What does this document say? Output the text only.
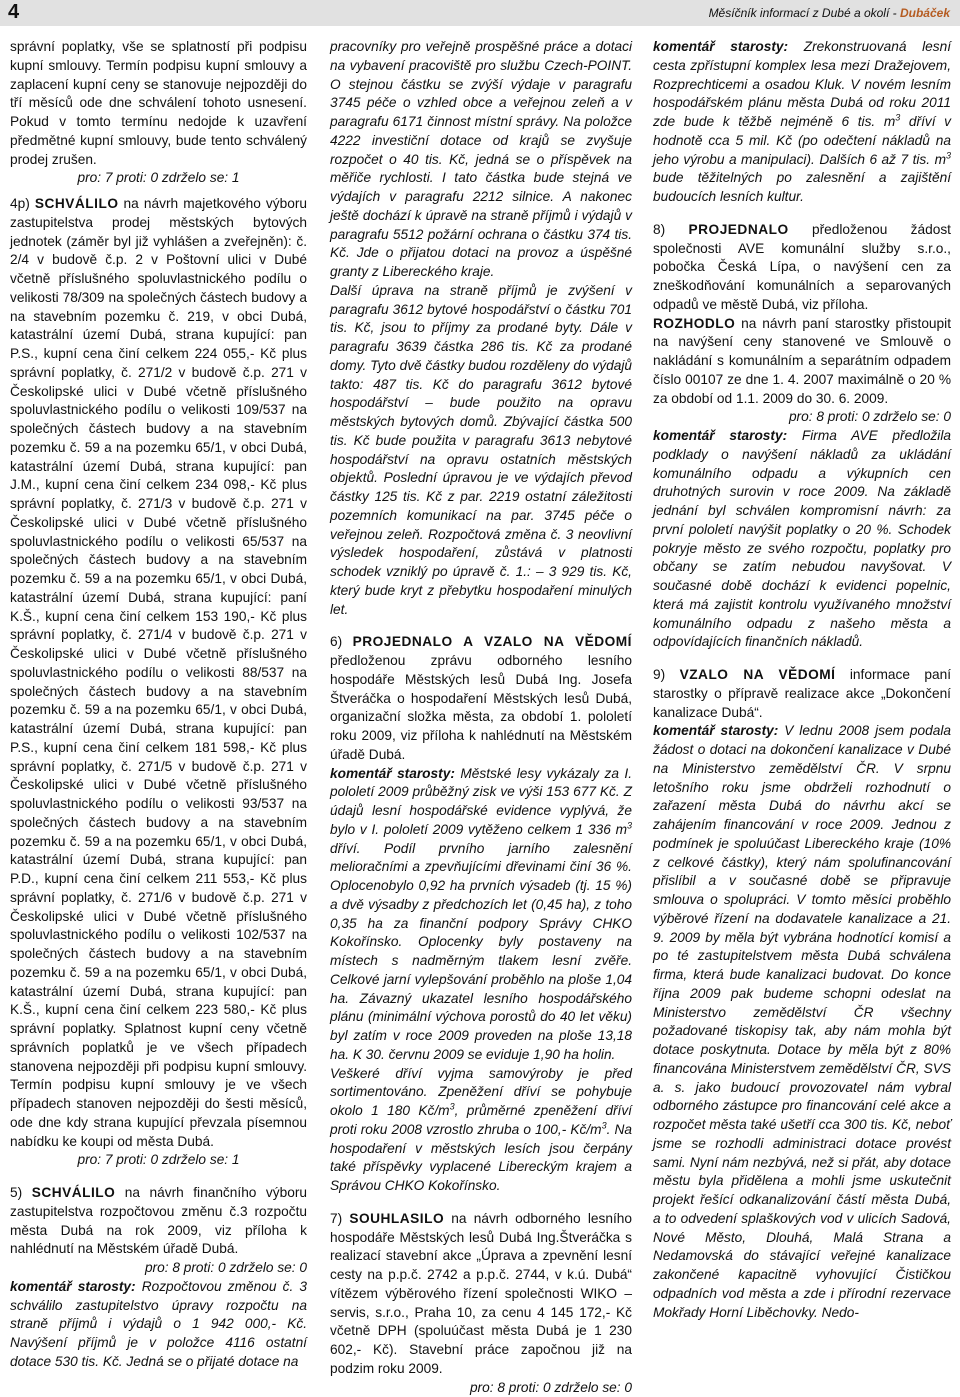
4	Měsíčník informací z Dubé a okolí - Dubáček

správní poplatky, vše se splatností při podpisu kupní smlouvy. Termín podpisu kupní smlouvy a zaplacení kupní ceny se stanovuje nejpozději do tří měsíců ode dne schválení tohoto usnesení. Pokud v tomto termínu nedojde k uzavření předmětné kupní smlouvy, bude tento schválený prodej zrušen.

pro: 7 proti: 0 zdrželo se: 1

4p) SCHVÁLILO na návrh majetkového výboru zastupitelstva prodej městských bytových jednotek (záměr byl již vyhlášen a zveřejněn): č. 2/4 v budově č.p. 2 v Poštovní ulici v Dubé včetně příslušného spoluvlastnického podílu o velikosti 78/309 na společných částech budovy a na stavebním pozemku č. 219, v obci Dubá, katastrální území Dubá, strana kupující: pan P.S., kupní cena činí celkem 224 055,- Kč plus správní poplatky, č. 271/2 v budově č.p. 271 v Českolipské ulici v Dubé včetně příslušného spoluvlastnického podílu o velikosti 109/537 na společných částech budovy a na stavebním pozemku č. 59 a na pozemku 65/1, v obci Dubá, katastrální území Dubá, strana kupující: pan J.M., kupní cena činí celkem 234 098,- Kč plus správní poplatky, č. 271/3 v budově č.p. 271 v Českolipské ulici v Dubé včetně příslušného spoluvlastnického podílu o velikosti 65/537 na společných částech budovy a na stavebním pozemku č. 59 a na pozemku 65/1, v obci Dubá, katastrální území Dubá, strana kupující: paní K.Š., kupní cena činí celkem 153 190,- Kč plus správní poplatky, č. 271/4 v budově č.p. 271 v Českolipské ulici v Dubé včetně příslušného spoluvlastnického podílu o velikosti 88/537 na společných částech budovy a na stavebním pozemku č. 59 a na pozemku 65/1, v obci Dubá, katastrální území Dubá, strana kupující: pan P.S., kupní cena činí celkem 181 598,- Kč plus správní poplatky, č. 271/5 v budově č.p. 271 v Českolipské ulici v Dubé včetně příslušného spoluvlastnického podílu o velikosti 93/537 na společných částech budovy a na stavebním pozemku č. 59 a na pozemku 65/1, v obci Dubá, katastrální území Dubá, strana kupující: pan P.D., kupní cena činí celkem 211 553,- Kč plus správní poplatky, č. 271/6 v budově č.p. 271 v Českolipské ulici v Dubé včetně příslušného spoluvlastnického podílu o velikosti 102/537 na společných částech budovy a na stavebním pozemku č. 59 a na pozemku 65/1, v obci Dubá, katastrální území Dubá, strana kupující: pan K.Š., kupní cena činí celkem 223 580,- Kč plus správní poplatky. Splatnost kupní ceny včetně správních poplatků je ve všech případech stanovena nejpozději při podpisu kupní smlouvy. Termín podpisu kupní smlouvy je ve všech případech stanoven nejpozději do šesti měsíců, ode dne kdy strana kupující převzala písemnou nabídku ke koupi od města Dubá.

pro: 7 proti: 0 zdrželo se: 1

5) SCHVÁLILO na návrh finančního výboru zastupitelstva rozpočtovou změnu č.3 rozpočtu města Dubá na rok 2009, viz příloha k nahlédnutí na Městském úřadě Dubá.

pro: 8 proti: 0 zdrželo se: 0

komentář starosty: Rozpočtovou změnou č. 3 schválilo zastupitelstvo úpravy rozpočtu na straně příjmů i výdajů o 1 942 000,- Kč. Navýšení příjmů je v položce 4116 ostatní dotace 530 tis. Kč. Jedná se o přijaté dotace na

pracovníky pro veřejně prospěšné práce a dotaci na vybavení pracoviště pro službu Czech-POINT. O stejnou částku se zvýší výdaje v paragrafu 3745 péče o vzhled obce a veřejnou zeleň a v paragrafu 6171 činnost místní správy. Na položce 4222 investiční dotace od krajů se zvyšuje rozpočet o 40 tis. Kč, jedná se o příspěvek na měřiče rychlosti. I tato částka bude stejná ve výdajích v paragrafu 2212 silnice. A nakonec ještě dochází k úpravě na straně příjmů i výdajů v paragrafu 5512 požární ochrana o částku 374 tis. Kč. Jde o přijatou dotaci na provoz a úspěšné granty z Libereckého kraje.

Další úprava na straně příjmů je zvýšení v paragrafu 3612 bytové hospodářství o částku 701 tis. Kč, jsou to příjmy za prodané byty. Dále v paragrafu 3639 částka 286 tis. Kč za prodané domy. Tyto dvě částky budou rozděleny do výdajů takto: 487 tis. Kč do paragrafu 3612 bytové hospodářství – bude použito na opravu městských bytových domů. Zbývající částka 500 tis. Kč bude použita v paragrafu 3613 nebytové hospodářství na opravu ostatních městských objektů. Poslední úpravou je ve výdajích převod částky 125 tis. Kč z par. 2219 ostatní záležitosti pozemních komunikací na par. 3745 péče o veřejnou zeleň. Rozpočtová změna č. 3 neovlivní výsledek hospodaření, zůstává v platnosti schodek vzniklý po úpravě č. 1.: – 3 929 tis. Kč, který bude kryt z přebytku hospodaření minulých let.

6) PROJEDNALO A VZALO NA VĚDOMÍ předloženou zprávu odborného lesního hospodáře Městských lesů Dubá Ing. Josefa Štveráčka o hospodaření Městských lesů Dubá, organizační složka města, za období 1. pololetí roku 2009, viz příloha k nahlédnutí na Městském úřadě Dubá.

komentář starosty: Městské lesy vykázaly za I. pololetí 2009 průběžný zisk ve výši 153 677 Kč. Z údajů lesní hospodářské evidence vyplývá, že bylo v I. pololetí 2009 vytěženo celkem 1 336 $m^3$ dříví. Podíl prvního jarního zalesnění melioračními a zpevňujícími dřevinami činí 36 %. Oplocenobylo 0,92 ha prvních výsadeb (tj. 15 %) a dvě výsadby z předchozích let (0,45 ha), z toho 0,35 ha za finanční podpory Správy CHKO Kokořínsko. Oplocenky byly postaveny na místech s nadměrným tlakem lesní zvěře. Celkové jarní vylepšování proběhlo na ploše 1,04 ha. Závazný ukazatel lesního hospodářského plánu (minimální výchova porostů do 40 let věku) byl zatím v roce 2009 proveden na ploše 13,18 ha. K 30. červnu 2009 se eviduje 1,90 ha holin.

Veškeré dříví vyjma samovýroby je před sortimentováno. Zpeněžení dříví se pohybuje okolo 1 180 $Kč/m^3$, průměrné zpeněžení dříví proti roku 2008 vzrostlo zhruba o 100,- $Kč/m^3$. Na hospodaření v městských lesích jsou čerpány také příspěvky vyplacené Libereckým krajem a Správou CHKO Kokořínsko.

7) SOUHLASILO na návrh odborného lesního hospodáře Městských lesů Dubá Ing.Štveráčka s realizací stavební akce „Úprava a zpevnění lesní cesty na p.p.č. 2742 a p.p.č. 2744, v k.ú. Dubá“ vítězem výběrového řízení společnosti WIKO – servis, s.r.o., Praha 10, za cenu 4 145 172,- Kč včetně DPH (spoluúčast města Dubá je 1 230 602,- Kč). Stavební práce započnou již na podzim roku 2009.

pro: 8 proti: 0 zdrželo se: 0

komentář starosty: Zrekonstruovaná lesní cesta zpřístupní komplex lesa mezi Dražejovem, Rozprechticemi a osadou Kluk. V novém lesním hospodářském plánu města Dubá od roku 2011 zde bude k těžbě nejméně 6 tis. $m^3$ dříví v hodnotě cca 5 mil. Kč (po odečtení nákladů na jeho výrobu a manipulaci). Dalších 6 až 7 tis. $m^3$ bude těžitelných po zalesnění a zajištění budoucích lesních kultur.

8) PROJEDNALO předloženou žádost společnosti AVE komunální služby s.r.o., pobočka Česká Lípa, o navýšení cen za zneškodňování komunálních a separovaných odpadů ve městě Dubá, viz příloha.

ROZHODLO na návrh paní starostky přistoupit na navýšení ceny stanovené ve Smlouvě o nakládání s komunálním a separátním odpadem číslo 00107 ze dne 1. 4. 2007 maximálně o 20 % za období od 1.1. 2009 do 30. 6. 2009.

pro: 8 proti: 0 zdrželo se: 0

komentář starosty: Firma AVE předložila podklady o navýšení nákladů za ukládání komunálního odpadu a výkupních cen druhotných surovin v roce 2009. Na základě jednání byl schválen kompromisní návrh: za první pololetí navýšit poplatky o 20 %. Schodek pokryje město ze svého rozpočtu, poplatky pro občany se zatím nebudou navyšovat. V současné době dochází k evidenci popelnic, která má zajistit kontrolu využívaného množství komunálního odpadu z našeho města a odpovídajících finančních nákladů.

9) VZALO NA VĚDOMÍ informace paní starostky o přípravě realizace akce „Dokončení kanalizace Dubá“.

komentář starosty: V lednu 2008 jsem podala žádost o dotaci na dokončení kanalizace v Dubé na Ministerstvo zemědělství ČR. V srpnu letošního roku jsme obdrželi rozhodnutí o zařazení města Dubá do návrhu akcí se zahájením financování v roce 2009. Jednou z podmínek je spoluúčast Libereckého kraje (10% z celkové částky), který nám spolufinancování přislíbil a v současné době se připravuje smlouva o spolupráci. V tomto měsíci proběhlo výběrové řízení na dodavatele kanalizace a 21. 9. 2009 by měla být vybrána hodnotící komisí a po té zastupitelstvem města Dubá schválena firma, která bude kanalizaci budovat. Do konce října 2009 pak budeme schopni odeslat na Ministerstvo zemědělství ČR všechny požadované tiskopisy tak, aby nám mohla být dotace poskytnuta. Dotace by měla být z 80% financována Ministerstvem zemědělství ČR, SVS a. s. jako budoucí provozovatel nám vybral odborného zástupce pro financování celé akce a rozpočet města také ušetří cca 300 tis. Kč, neboť jsme se rozhodli administraci dotace provést sami. Nyní nám nezbývá, než si přát, aby dotace městu byla přidělena a mohli jsme uskutečnit projekt řešící odkanalizování částí města Dubá, a to odvedení splaškových vod v ulicích Sadová, Nové Město, Dlouhá, Malá Strana a Nedamovská do stávající veřejné kanalizace zakončené kapacitně vyhovující Čističkou odpadních vod města a zde i přírodní rezervace Mokřady Horní Liběchovky. Nedo-
